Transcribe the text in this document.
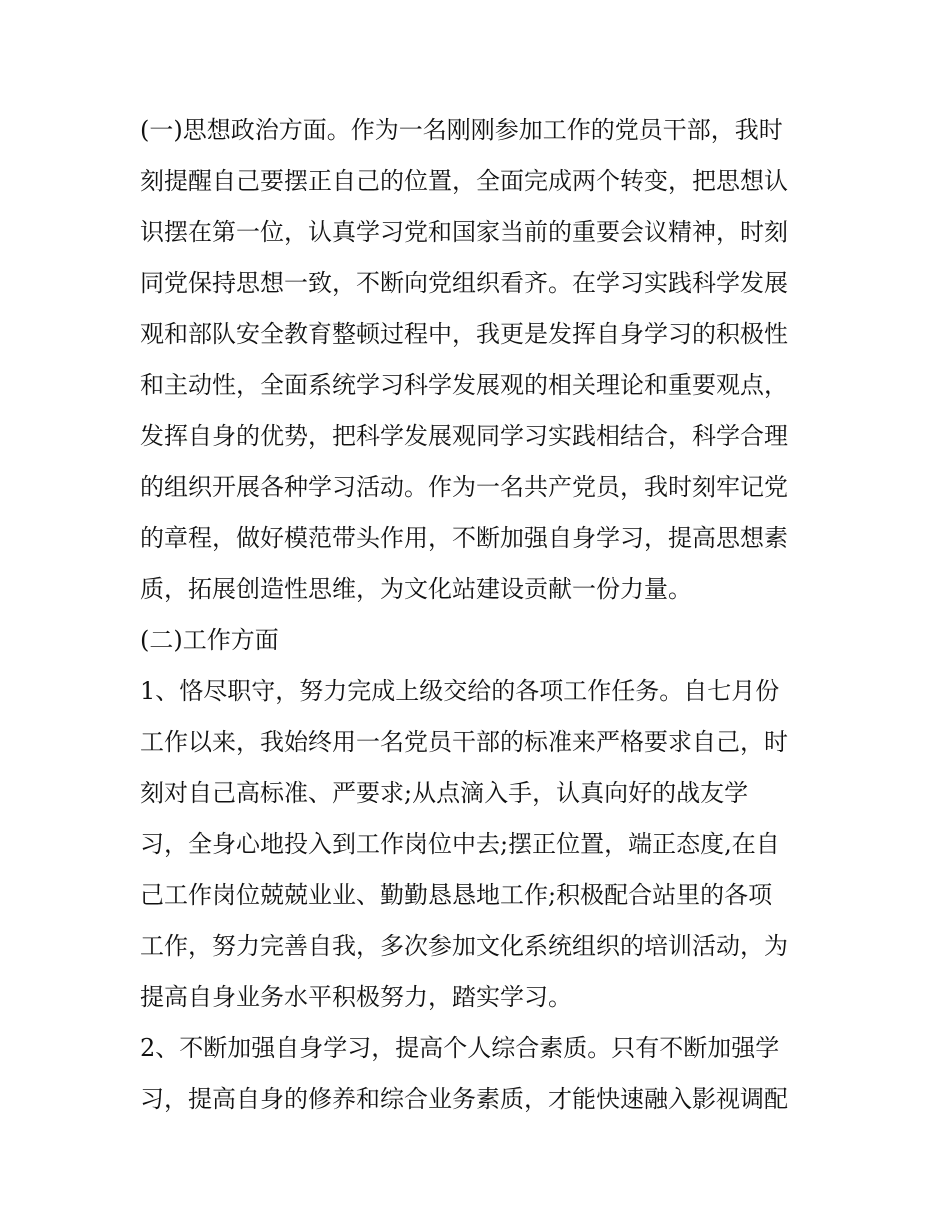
(一)思想政治方面。作为一名刚刚参加工作的党员干部，我时
刻提醒自己要摆正自己的位置，全面完成两个转变，把思想认
识摆在第一位，认真学习党和国家当前的重要会议精神，时刻
同党保持思想一致，不断向党组织看齐。在学习实践科学发展
观和部队安全教育整顿过程中，我更是发挥自身学习的积极性
和主动性，全面系统学习科学发展观的相关理论和重要观点，
发挥自身的优势，把科学发展观同学习实践相结合，科学合理
的组织开展各种学习活动。作为一名共产党员，我时刻牢记党
的章程，做好模范带头作用，不断加强自身学习，提高思想素
质，拓展创造性思维，为文化站建设贡献一份力量。
(二)工作方面
1、恪尽职守，努力完成上级交给的各项工作任务。自七月份
工作以来，我始终用一名党员干部的标准来严格要求自己，时
刻对自己高标准、严要求;从点滴入手，认真向好的战友学
习，全身心地投入到工作岗位中去;摆正位置，端正态度,在自
己工作岗位兢兢业业、勤勤恳恳地工作;积极配合站里的各项
工作，努力完善自我，多次参加文化系统组织的培训活动，为
提高自身业务水平积极努力，踏实学习。
2、不断加强自身学习，提高个人综合素质。只有不断加强学
习，提高自身的修养和综合业务素质，才能快速融入影视调配
